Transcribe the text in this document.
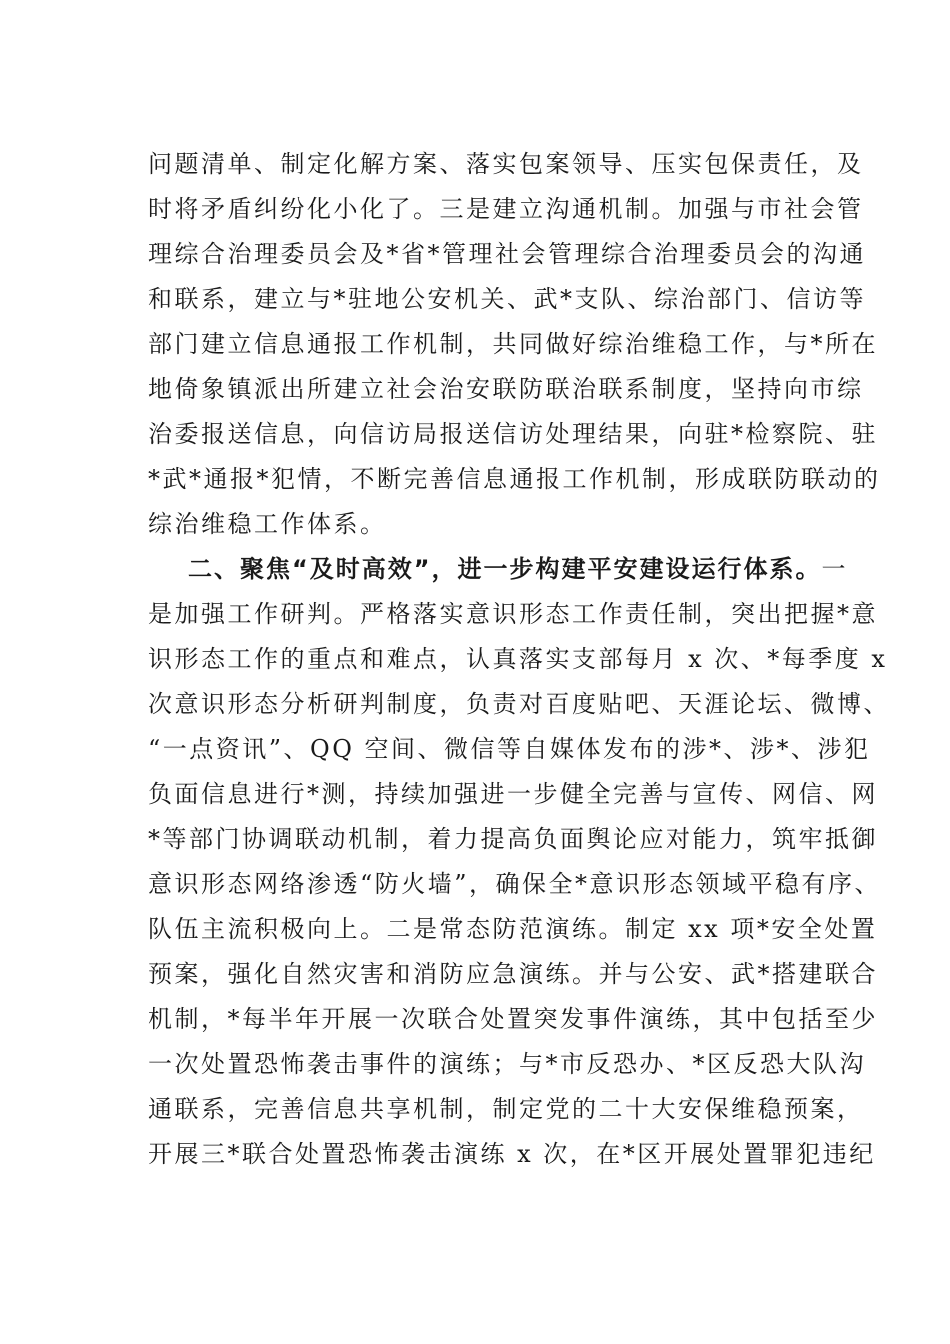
问题清单、制定化解方案、落实包案领导、压实包保责任，及
时将矛盾纠纷化小化了。三是建立沟通机制。加强与市社会管
理综合治理委员会及*省*管理社会管理综合治理委员会的沟通
和联系，建立与*驻地公安机关、武*支队、综治部门、信访等
部门建立信息通报工作机制，共同做好综治维稳工作，与*所在
地倚象镇派出所建立社会治安联防联治联系制度，坚持向市综
治委报送信息，向信访局报送信访处理结果，向驻*检察院、驻
*武*通报*犯情，不断完善信息通报工作机制，形成联防联动的
综治维稳工作体系。
二、聚焦“及时高效”，进一步构建平安建设运行体系。一
是加强工作研判。严格落实意识形态工作责任制，突出把握*意
识形态工作的重点和难点，认真落实支部每月 x 次、*每季度 x
次意识形态分析研判制度，负责对百度贴吧、天涯论坛、微博、
“一点资讯”、QQ 空间、微信等自媒体发布的涉*、涉*、涉犯
负面信息进行*测，持续加强进一步健全完善与宣传、网信、网
*等部门协调联动机制，着力提高负面舆论应对能力，筑牢抵御
意识形态网络渗透“防火墙”，确保全*意识形态领域平稳有序、
队伍主流积极向上。二是常态防范演练。制定 xx 项*安全处置
预案，强化自然灾害和消防应急演练。并与公安、武*搭建联合
机制，*每半年开展一次联合处置突发事件演练，其中包括至少
一次处置恐怖袭击事件的演练；与*市反恐办、*区反恐大队沟
通联系，完善信息共享机制，制定党的二十大安保维稳预案，
开展三*联合处置恐怖袭击演练 x 次，在*区开展处置罪犯违纪
